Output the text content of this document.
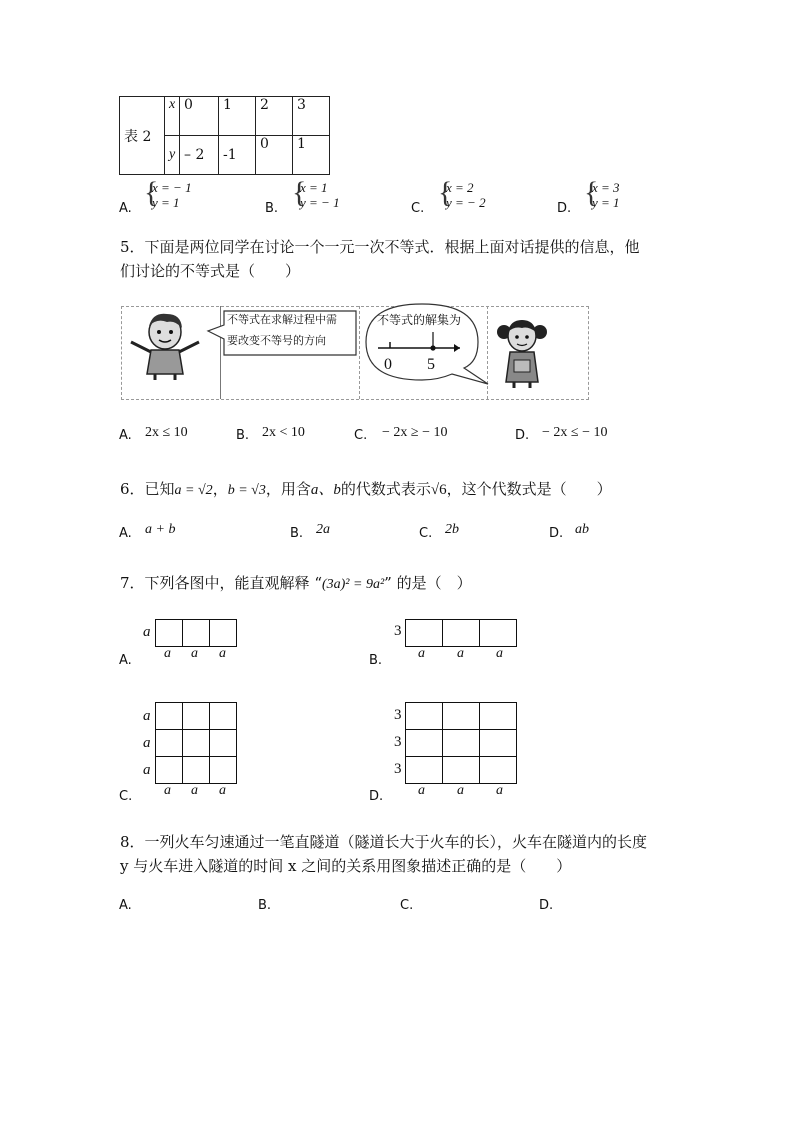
表 2	x	0	1	2	3
	y	– 2	-1	0	1
A. {
x = − 1
y = 1	B. {
x = 1
y = − 1	C. {
x = 2
y = − 2	D. {
x = 3
y = 1
5．下面是两位同学在讨论一个一元一次不等式．根据上面对话提供的信息，他
们讨论的不等式是（　　）
不等式在求解过程中需
要改变不等号的方向
不等式的解集为
0 5
A. 2x ≤ 10	B. 2x < 10	C. − 2x ≥ − 10	D. − 2x ≤ − 10
6．已知a = √2，b = √3，用含a、b的代数式表示√6，这个代数式是（　　）
A. a + b	B. 2a	C. 2b	D. ab
7．下列各图中，能直观解释 “(3a)² = 9a²” 的是（　）
a

a a a
A.
3

a a a
B.
a
a
a

a a a
C.
3
3
3

a a a
D.
8．一列火车匀速通过一笔直隧道（隧道长大于火车的长），火车在隧道内的长度
y 与火车进入隧道的时间 x 之间的关系用图象描述正确的是（　　）
A.	B.	C.	D.
